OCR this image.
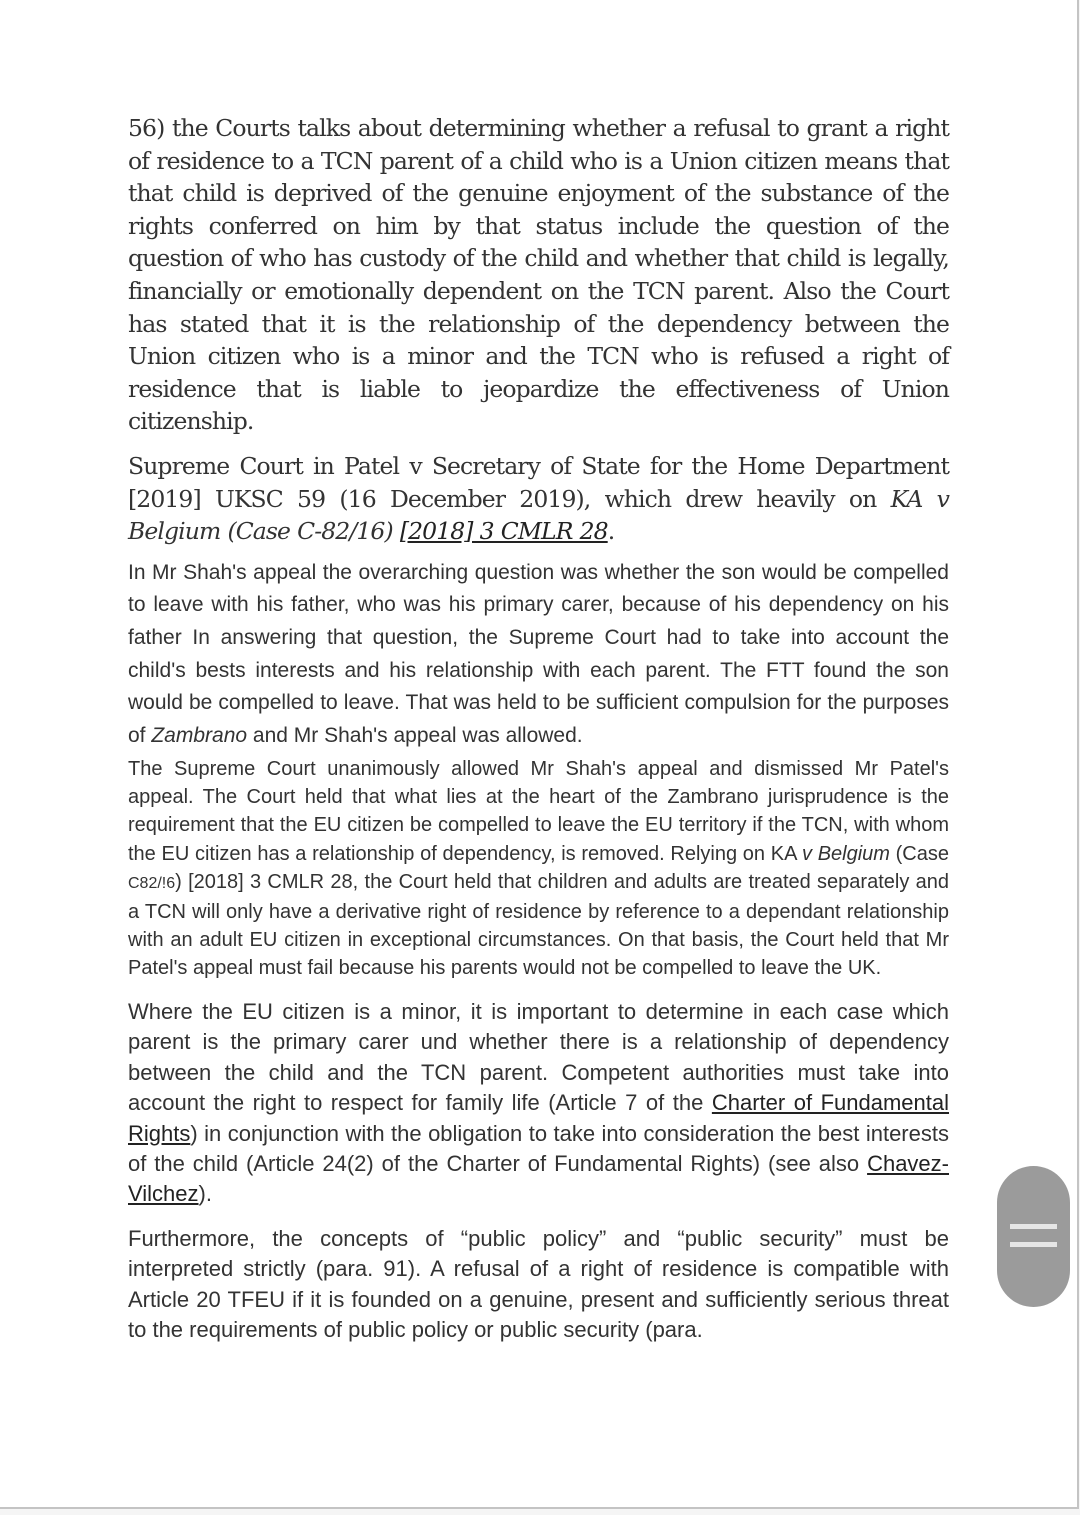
56) the Courts talks about determining whether a refusal to grant a right of residence to a TCN parent of a child who is a Union citizen means that that child is deprived of the genuine enjoyment of the substance of the rights conferred on him by that status include the question of the question of who has custody of the child and whether that child is legally, financially or emotionally dependent on the TCN parent. Also the Court has stated that it is the relationship of the dependency between the Union citizen who is a minor and the TCN who is refused a right of residence that is liable to jeopardize the effectiveness of Union citizenship.

Supreme Court in Patel v Secretary of State for the Home Department [2019] UKSC 59 (16 December 2019), which drew heavily on KA v Belgium (Case C-82/16) [2018] 3 CMLR 28.

In Mr Shah's appeal the overarching question was whether the son would be compelled to leave with his father, who was his primary carer, because of his dependency on his father In answering that question, the Supreme Court had to take into account the child's bests interests and his relationship with each parent. The FTT found the son would be compelled to leave. That was held to be sufficient compulsion for the purposes of Zambrano and Mr Shah's appeal was allowed.

The Supreme Court unanimously allowed Mr Shah's appeal and dismissed Mr Patel's appeal. The Court held that what lies at the heart of the Zambrano jurisprudence is the requirement that the EU citizen be compelled to leave the EU territory if the TCN, with whom the EU citizen has a relationship of dependency, is removed. Relying on KA v Belgium (Case C82/!6) [2018] 3 CMLR 28, the Court held that children and adults are treated separately and a TCN will only have a derivative right of residence by reference to a dependant relationship with an adult EU citizen in exceptional circumstances. On that basis, the Court held that Mr Patel's appeal must fail because his parents would not be compelled to leave the UK.

Where the EU citizen is a minor, it is important to determine in each case which parent is the primary carer und whether there is a relationship of dependency between the child and the TCN parent. Competent authorities must take into account the right to respect for family life (Article 7 of the Charter of Fundamental Rights) in conjunction with the obligation to take into consideration the best interests of the child (Article 24(2) of the Charter of Fundamental Rights) (see also Chavez-Vilchez).

Furthermore, the concepts of “public policy” and “public security” must be interpreted strictly (para. 91). A refusal of a right of residence is compatible with Article 20 TFEU if it is founded on a genuine, present and sufficiently serious threat to the requirements of public policy or public security (para.
